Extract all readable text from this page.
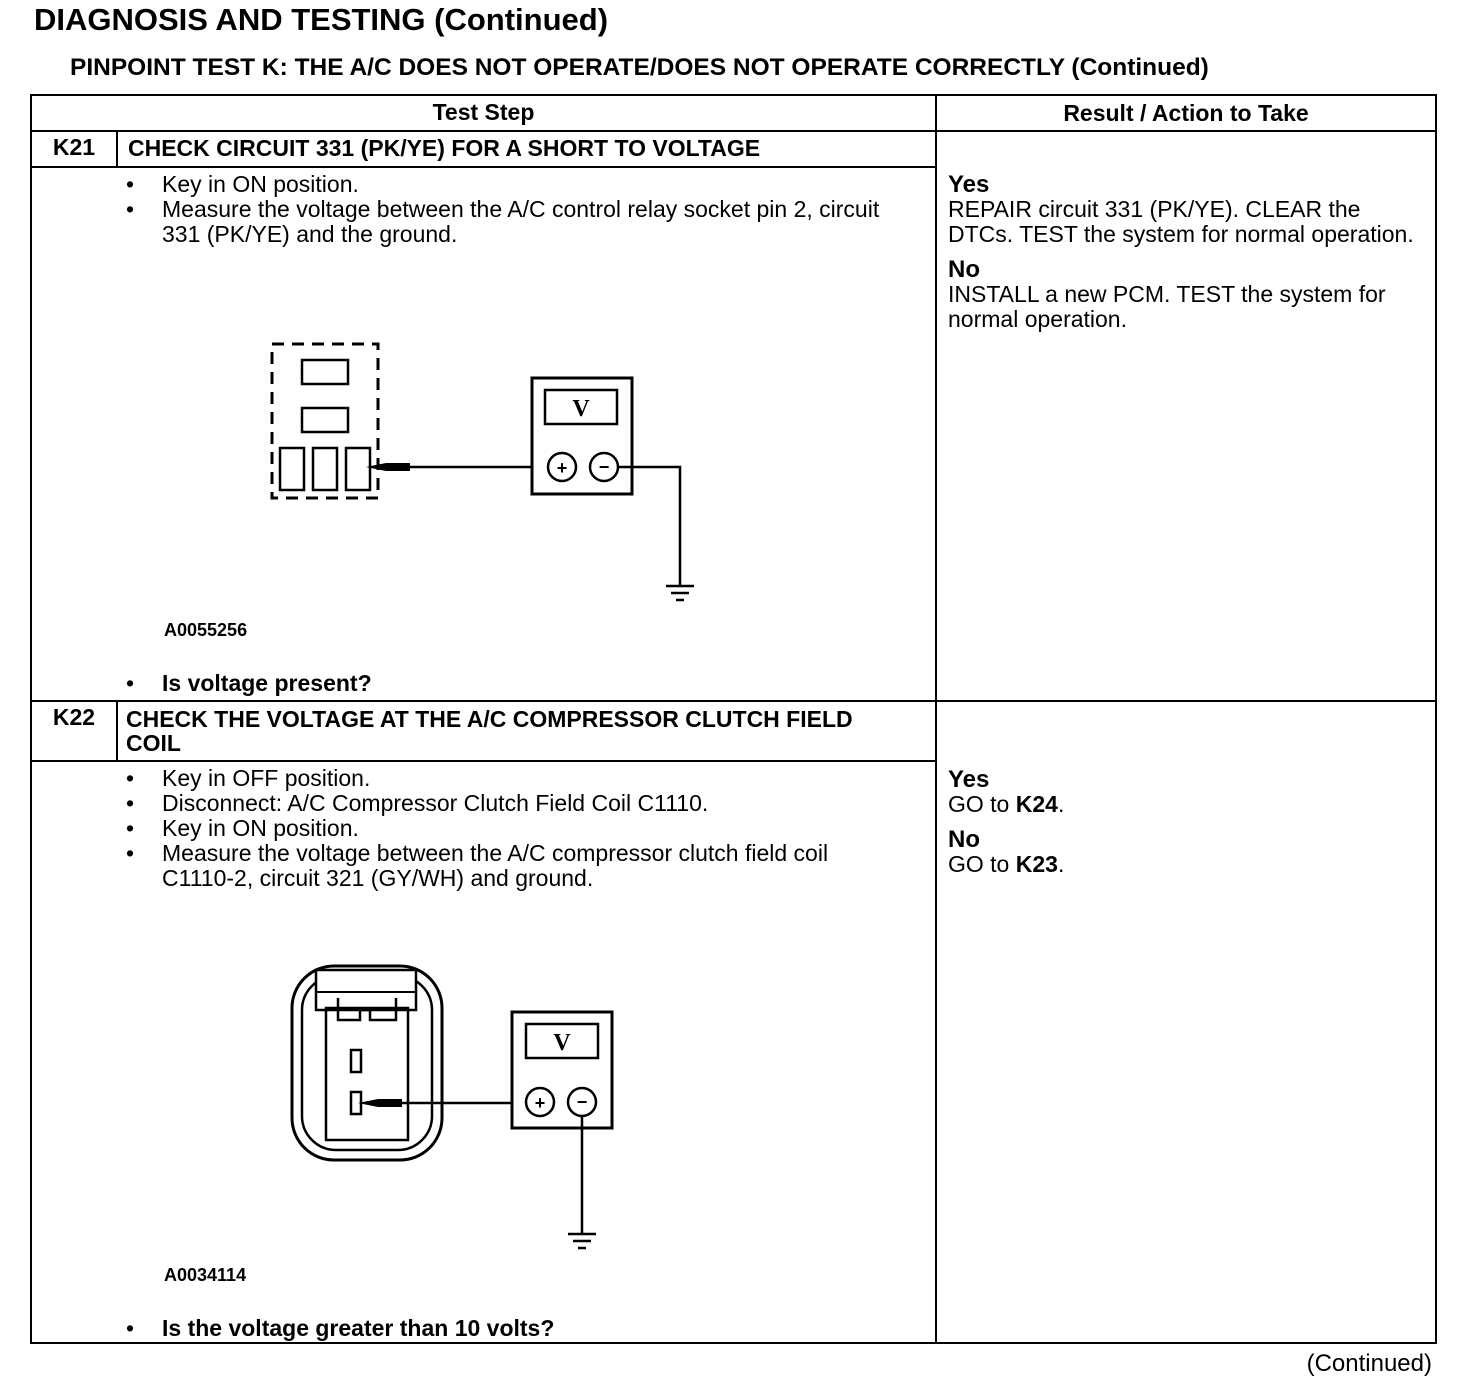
DIAGNOSIS AND TESTING (Continued)
PINPOINT TEST K: THE A/C DOES NOT OPERATE/DOES NOT OPERATE CORRECTLY (Continued)
Test Step	Result / Action to Take
K21	CHECK CIRCUIT 331 (PK/YE) FOR A SHORT TO VOLTAGE
• Key in ON position.
• Measure the voltage between the A/C control relay socket pin 2, circuit 331 (PK/YE) and the ground.
V
+ −
A0055256
• Is voltage present?
Yes
REPAIR circuit 331 (PK/YE). CLEAR the DTCs. TEST the system for normal operation.
No
INSTALL a new PCM. TEST the system for normal operation.
K22	CHECK THE VOLTAGE AT THE A/C COMPRESSOR CLUTCH FIELD COIL
• Key in OFF position.
• Disconnect: A/C Compressor Clutch Field Coil C1110.
• Key in ON position.
• Measure the voltage between the A/C compressor clutch field coil C1110-2, circuit 321 (GY/WH) and ground.
V
+ −
A0034114
• Is the voltage greater than 10 volts?
Yes
GO to K24.
No
GO to K23.
(Continued)
